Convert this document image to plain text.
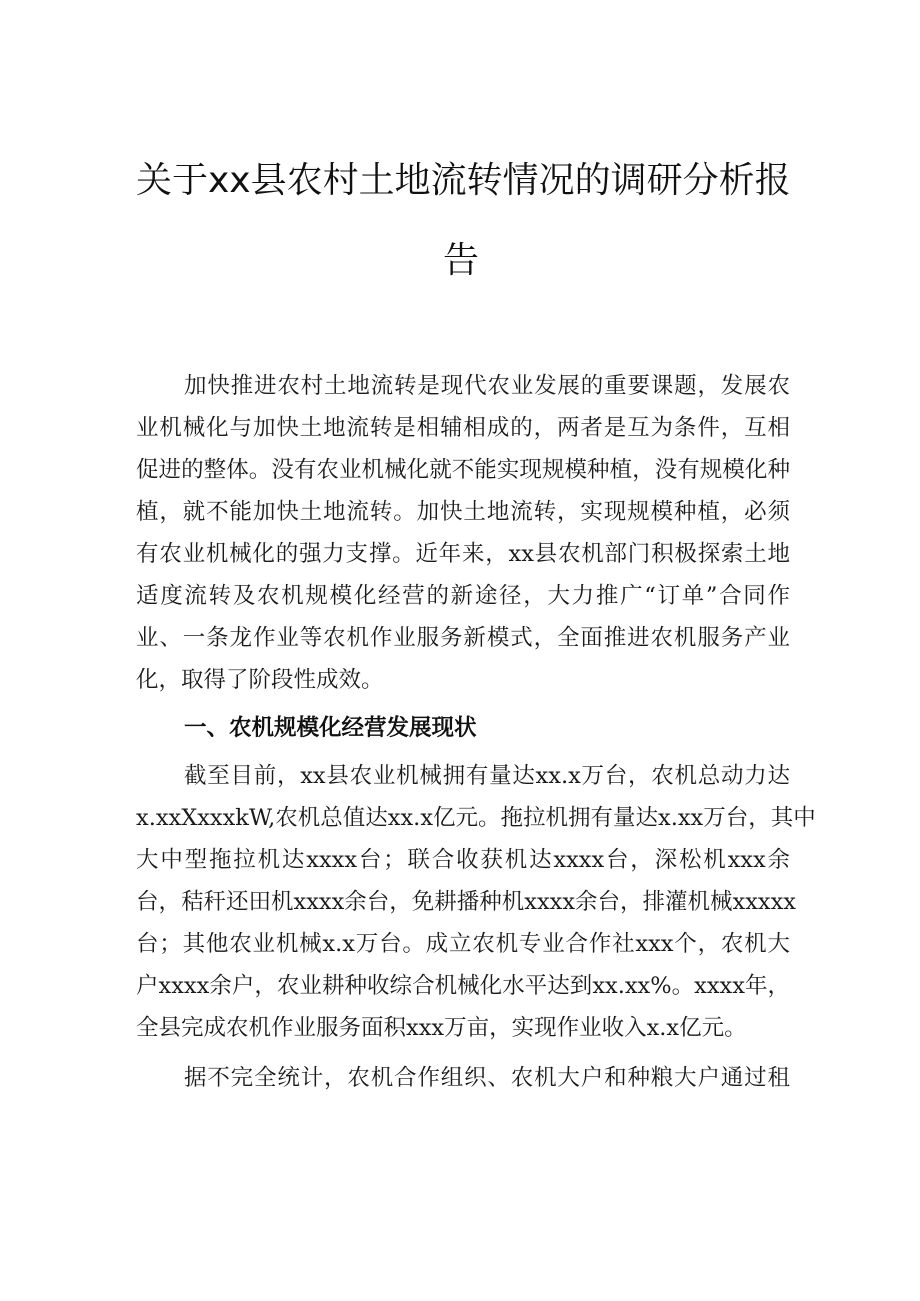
关于xx县农村土地流转情况的调研分析报
告
加快推进农村土地流转是现代农业发展的重要课题，发展农
业机械化与加快土地流转是相辅相成的，两者是互为条件，互相
促进的整体。没有农业机械化就不能实现规模种植，没有规模化种
植，就不能加快土地流转。加快土地流转，实现规模种植，必须
有农业机械化的强力支撑。近年来，xx县农机部门积极探索土地
适度流转及农机规模化经营的新途径，大力推广“订单”合同作
业、一条龙作业等农机作业服务新模式，全面推进农机服务产业
化，取得了阶段性成效。
一、农机规模化经营发展现状
截至目前，xx县农业机械拥有量达xx.x万台，农机总动力达
x.xxXxxxkW,农机总值达xx.x亿元。拖拉机拥有量达x.xx万台，其中
大中型拖拉机达xxxx台；联合收获机达xxxx台，深松机xxx余
台，秸秆还田机xxxx余台，免耕播种机xxxx余台，排灌机械xxxxx
台；其他农业机械x.x万台。成立农机专业合作社xxx个，农机大
户xxxx余户，农业耕种收综合机械化水平达到xx.xx%。xxxx年，
全县完成农机作业服务面积xxx万亩，实现作业收入x.x亿元。
据不完全统计，农机合作组织、农机大户和种粮大户通过租
